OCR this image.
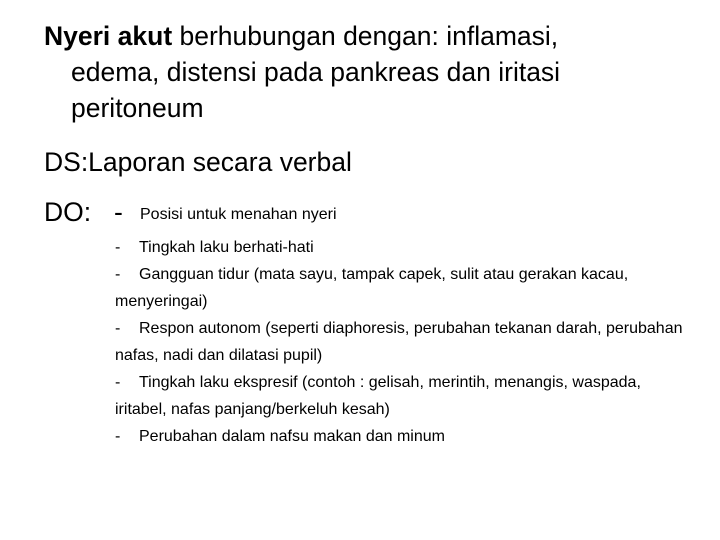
Nyeri akut berhubungan dengan: inflamasi,
edema, distensi pada pankreas dan iritasi
peritoneum
DS:Laporan secara verbal
DO: - Posisi untuk menahan nyeri

- Tingkah laku berhati-hati

- Gangguan tidur (mata sayu, tampak capek, sulit atau gerakan kacau, menyeringai)

- Respon autonom (seperti diaphoresis, perubahan tekanan darah, perubahan nafas, nadi dan dilatasi pupil)

- Tingkah laku ekspresif (contoh : gelisah, merintih, menangis, waspada, iritabel, nafas panjang/berkeluh kesah)

- Perubahan dalam nafsu makan dan minum
